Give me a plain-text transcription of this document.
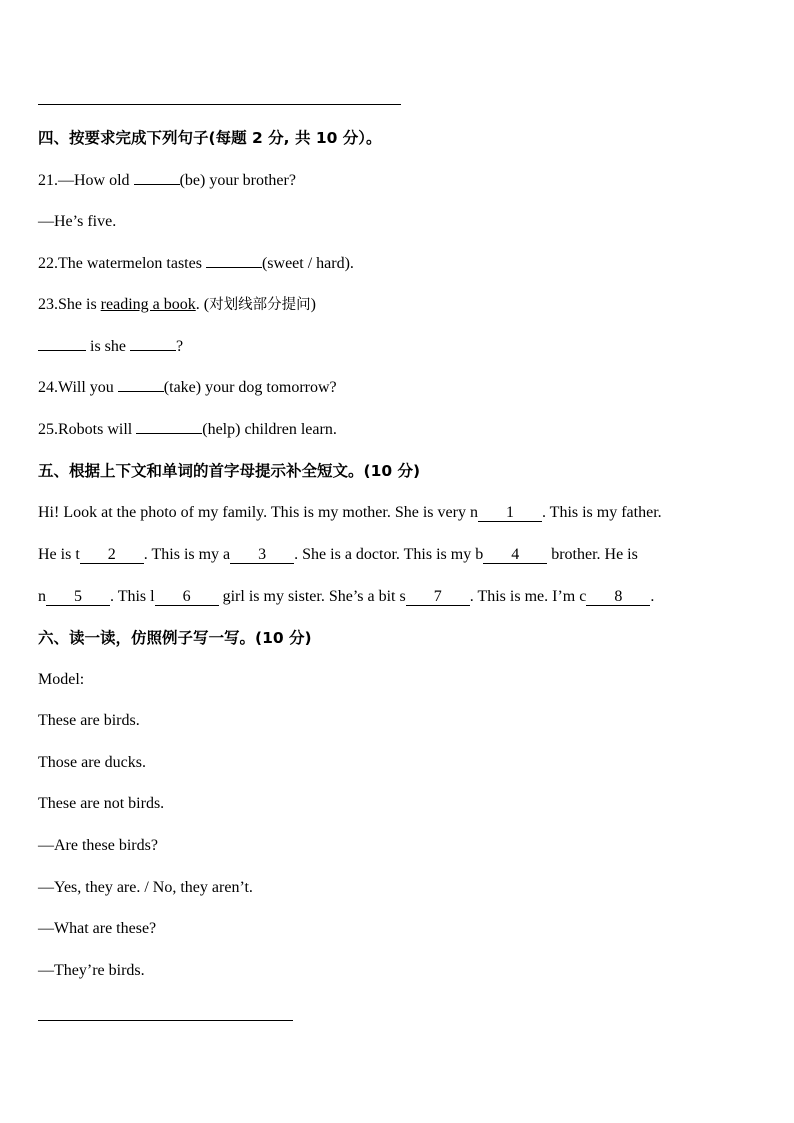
四、按要求完成下列句子(每题 2 分, 共 10 分）。
21.—How old	(be) your brother?
—He’s five.
22.The watermelon tastes	(sweet / hard).
23.She is reading a book. (对划线部分提问)
is she	?
24.Will you	(take) your dog tomorrow?
25.Robots will	(help) children learn.
五、根据上下文和单词的首字母提示补全短文。(10 分)
Hi! Look at the photo of my family. This is my mother. She is very n 1 . This is my father.
He is t 2 . This is my a 3 . She is a doctor. This is my b 4 brother. He is
n 5 . This l 6 girl is my sister. She’s a bit s 7 . This is me. I’m c 8 .
六、读一读，仿照例子写一写。(10 分)
Model:
These are birds.
Those are ducks.
These are not birds.
—Are these birds?
—Yes, they are. / No, they aren’t.
—What are these?
—They’re birds.
